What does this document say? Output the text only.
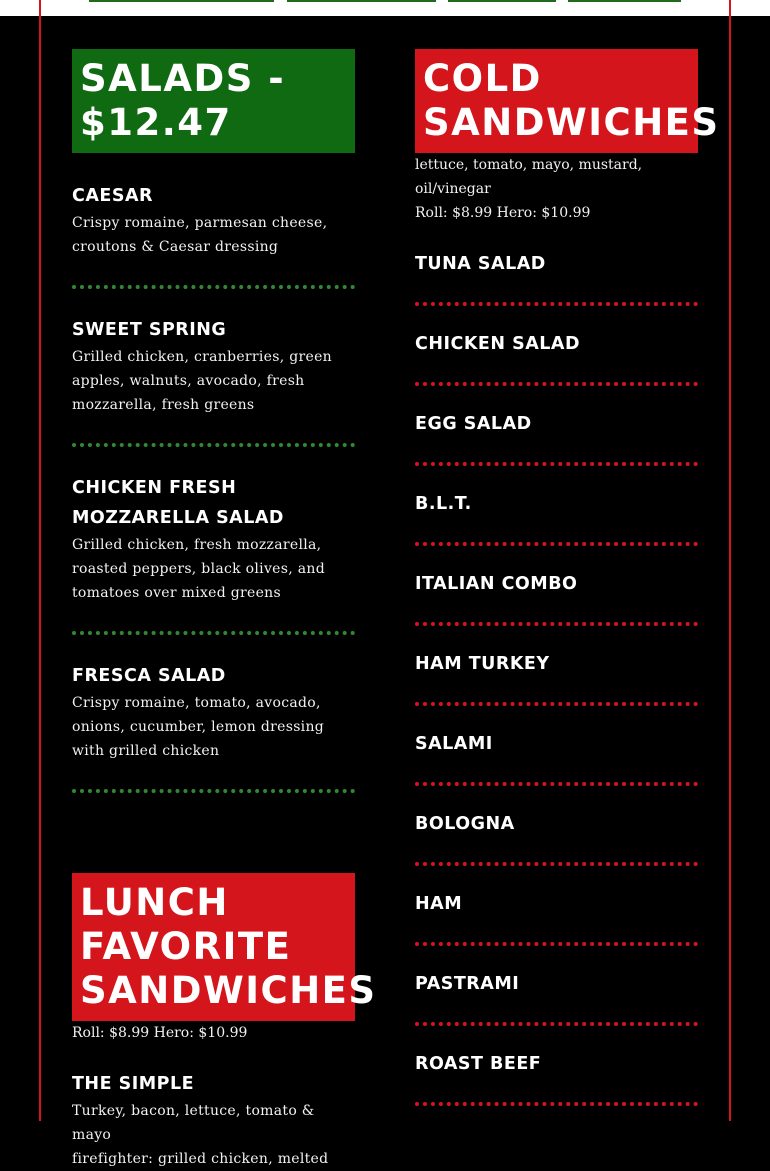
SALADS - $12.47
CAESAR
Crispy romaine, parmesan cheese, croutons & Caesar dressing
SWEET SPRING
Grilled chicken, cranberries, green apples, walnuts, avocado, fresh mozzarella, fresh greens
CHICKEN FRESH MOZZARELLA SALAD
Grilled chicken, fresh mozzarella, roasted peppers, black olives, and tomatoes over mixed greens
FRESCA SALAD
Crispy romaine, tomato, avocado, onions, cucumber, lemon dressing with grilled chicken
LUNCH FAVORITE SANDWICHES
Roll: $8.99 Hero: $10.99
THE SIMPLE
Turkey, bacon, lettuce, tomato & mayo
firefighter: grilled chicken, melted
COLD SANDWICHES
lettuce, tomato, mayo, mustard, oil/vinegar
Roll: $8.99 Hero: $10.99
TUNA SALAD
CHICKEN SALAD
EGG SALAD
B.L.T.
ITALIAN COMBO
HAM TURKEY
SALAMI
BOLOGNA
HAM
PASTRAMI
ROAST BEEF
